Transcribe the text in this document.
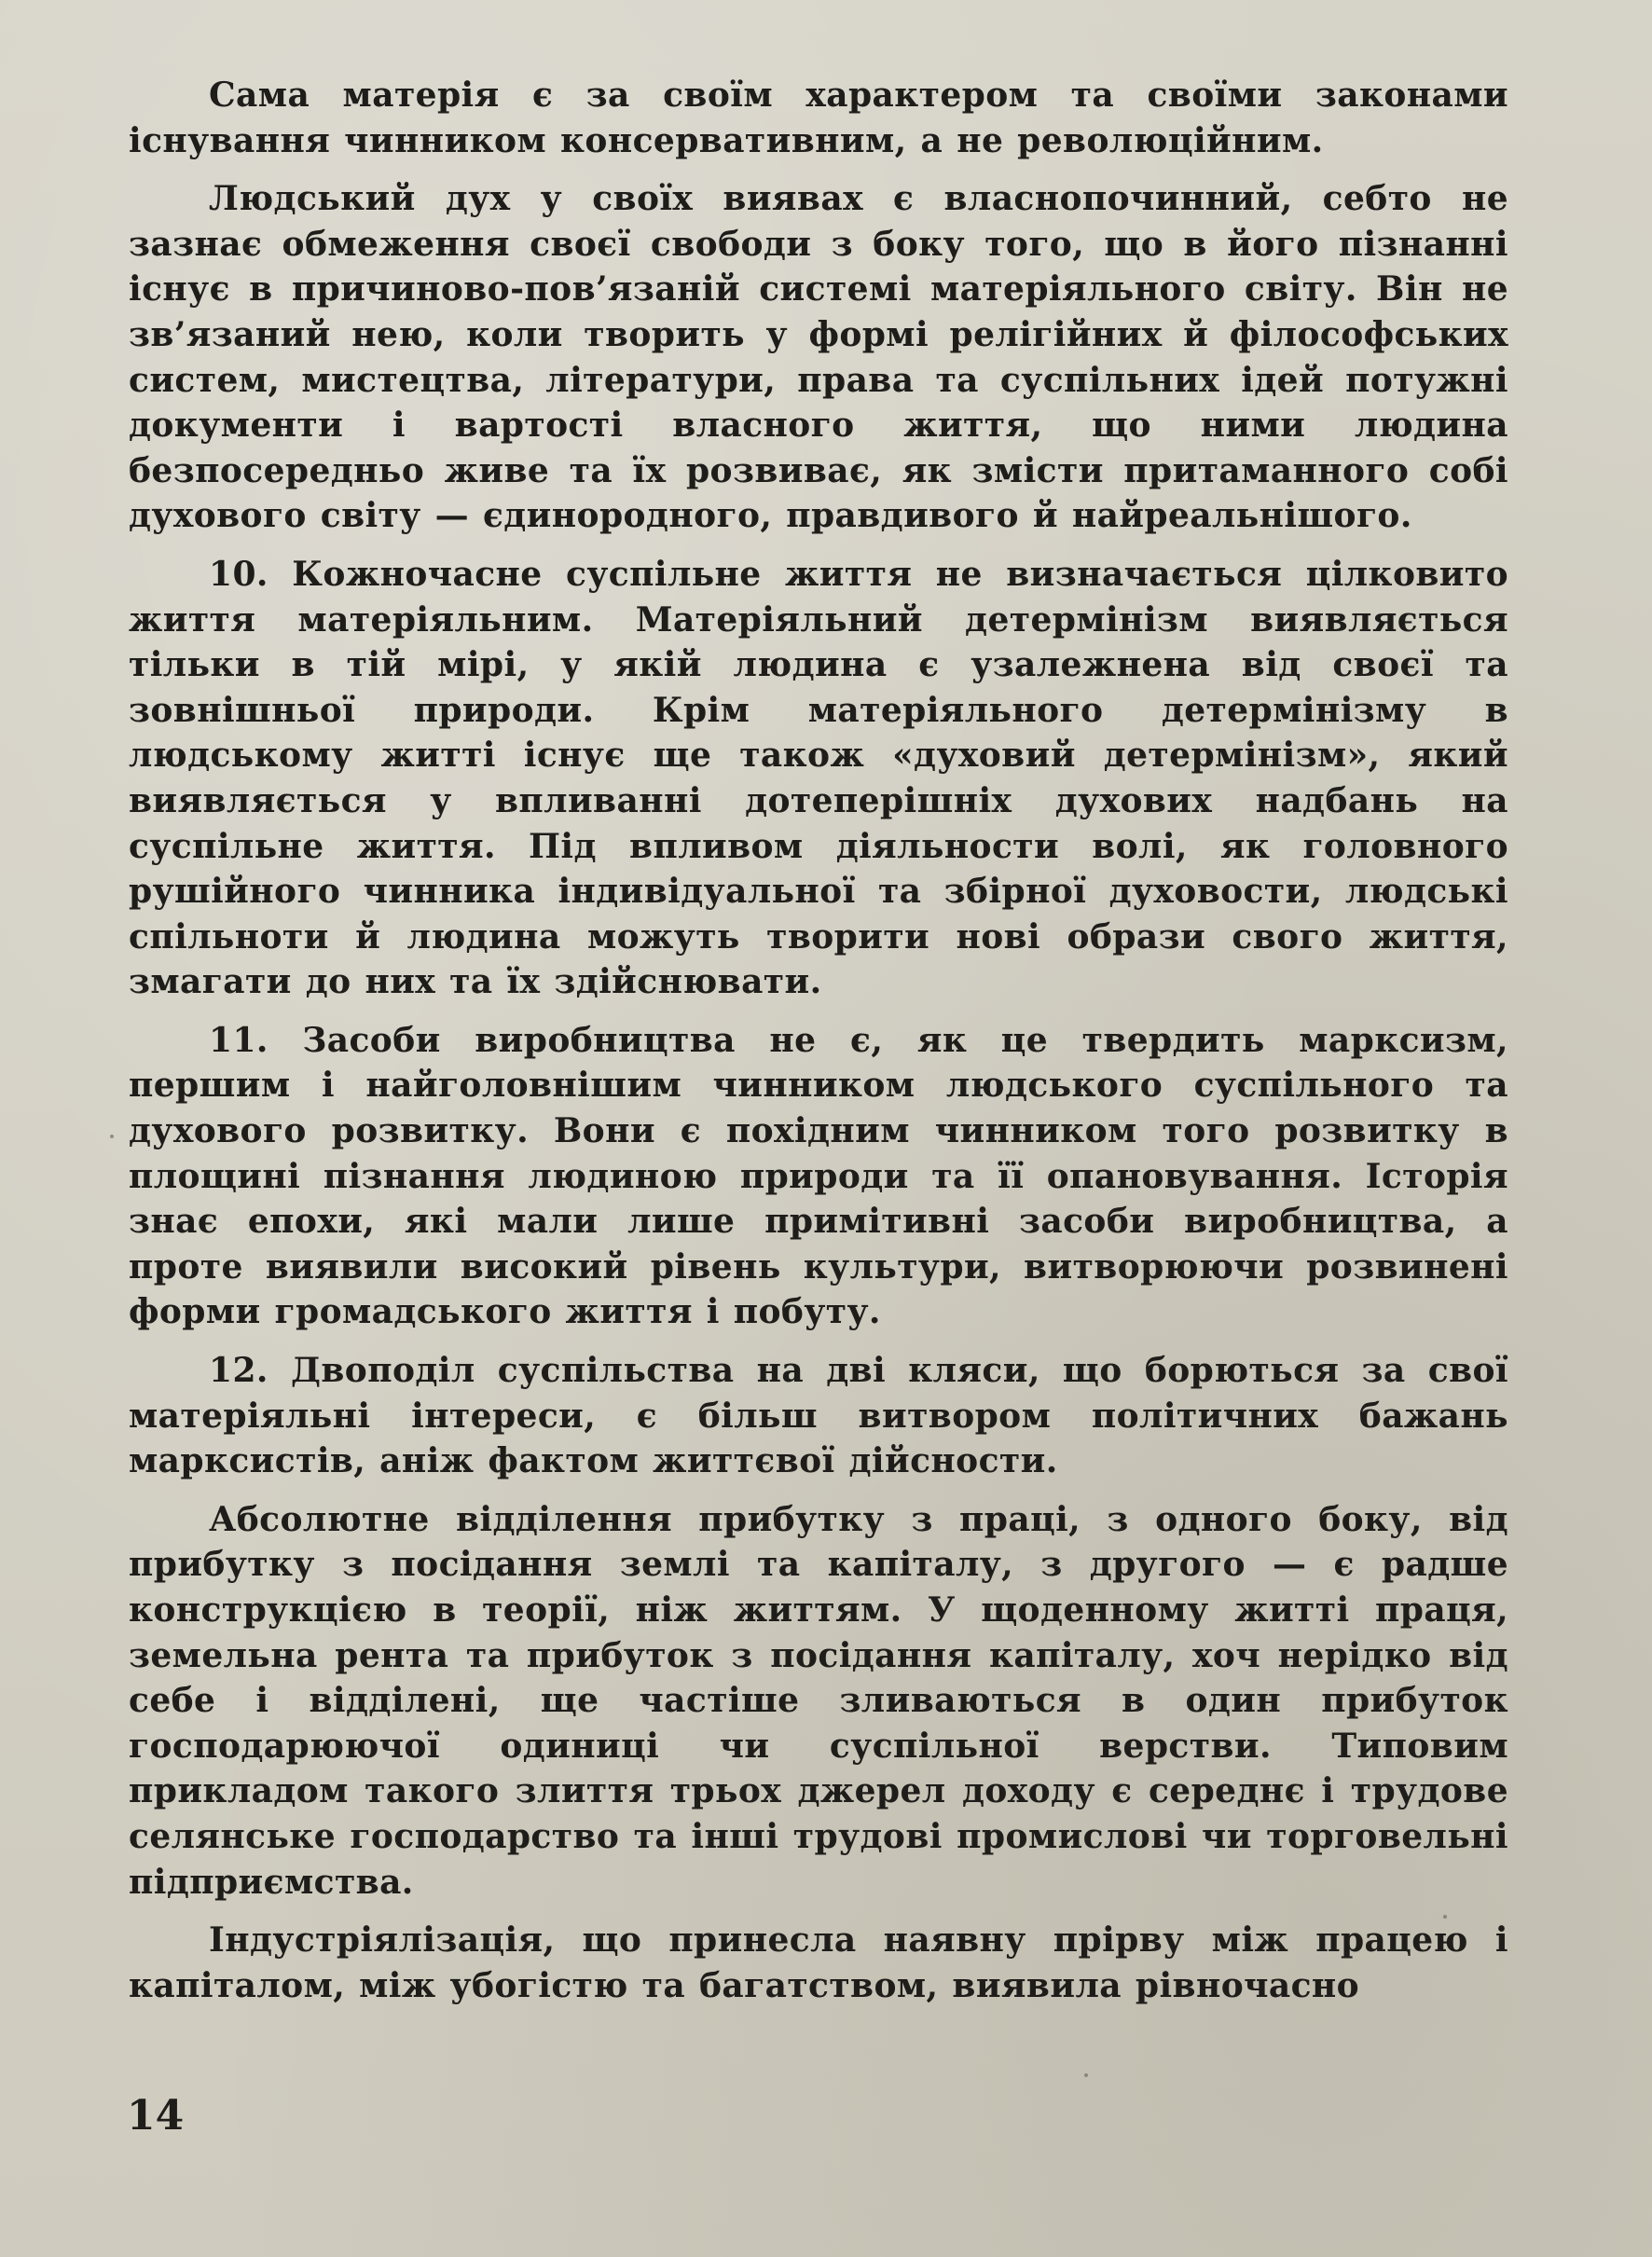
Сама матерія є за своїм характером та своїми законами існування чинником консервативним, а не революційним.

Людський дух у своїх виявах є власнопочинний, себто не зазнає обмеження своєї свободи з боку того, що в його пізнанні існує в причиново-пов’язаній системі матеріяльного світу. Він не зв’язаний нею, коли творить у формі релігійних й філософських систем, мистецтва, літератури, права та суспільних ідей потужні документи і вартості власного життя, що ними людина безпосередньо живе та їх розвиває, як змісти притаманного собі духового світу — єдинородного, правдивого й найреальнішого.

10. Кожночасне суспільне життя не визначається цілковито життя матеріяльним. Матеріяльний детермінізм виявляється тільки в тій мірі, у якій людина є узалежнена від своєї та зовнішньої природи. Крім матеріяльного детермінізму в людському житті існує ще також «духовий детермінізм», який виявляється у впливанні дотеперішніх духових надбань на суспільне життя. Під впливом діяльности волі, як головного рушійного чинника індивідуальної та збірної духовости, людські спільноти й людина можуть творити нові образи свого життя, змагати до них та їх здійснювати.

11. Засоби виробництва не є, як це твердить марксизм, першим і найголовнішим чинником людського суспільного та духового розвитку. Вони є похідним чинником того розвитку в площині пізнання людиною природи та її опановування. Історія знає епохи, які мали лише примітивні засоби виробництва, а проте виявили високий рівень культури, витворюючи розвинені форми громадського життя і побуту.

12. Двоподіл суспільства на дві кляси, що борються за свої матеріяльні інтереси, є більш витвором політичних бажань марксистів, аніж фактом життєвої дійсности.

Абсолютне відділення прибутку з праці, з одного боку, від прибутку з посідання землі та капіталу, з другого — є радше конструкцією в теорії, ніж життям. У щоденному житті праця, земельна рента та прибуток з посідання капіталу, хоч нерідко від себе і відділені, ще частіше зливаються в один прибуток господарюючої одиниці чи суспільної верстви. Типовим прикладом такого злиття трьох джерел доходу є середнє і трудове селянське господарство та інші трудові промислові чи торговельні підприємства.

Індустріялізація, що принесла наявну прірву між працею і капіталом, між убогістю та багатством, виявила рівночасно

14
